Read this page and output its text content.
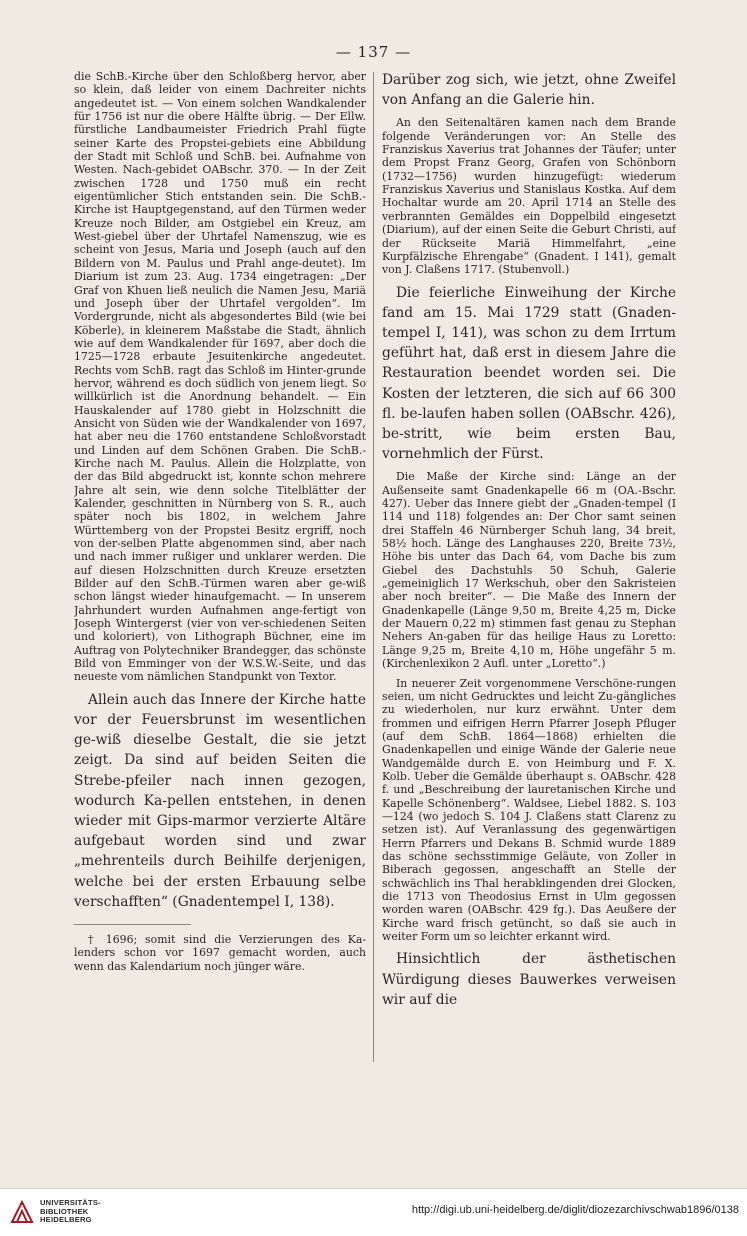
— 137 —

die SchB.-Kirche über den Schloßberg hervor, aber so klein, daß leider von einem Dachreiter nichts angedeutet ist. — Von einem solchen Wandkalender für 1756 ist nur die obere Hälfte übrig. — Der Ellw. fürstliche Landbaumeister Friedrich Prahl fügte seiner Karte des Propstei-gebiets eine Abbildung der Stadt mit Schloß und SchB. bei. Aufnahme von Westen. Nach-gebidet OABschr. 370. — In der Zeit zwischen 1728 und 1750 muß ein recht eigentümlicher Stich entstanden sein. Die SchB.-Kirche ist Hauptgegenstand, auf den Türmen weder Kreuze noch Bilder, am Ostgiebel ein Kreuz, am West-giebel über der Uhrtafel Namenszug, wie es scheint von Jesus, Maria und Joseph (auch auf den Bildern von M. Paulus und Prahl ange-deutet). Im Diarium ist zum 23. Aug. 1734 eingetragen: „Der Graf von Khuen ließ neulich die Namen Jesu, Mariä und Joseph über der Uhrtafel vergolden“. Im Vordergrunde, nicht als abgesondertes Bild (wie bei Köberle), in kleinerem Maßstabe die Stadt, ähnlich wie auf dem Wandkalender für 1697, aber doch die 1725—1728 erbaute Jesuitenkirche angedeutet. Rechts vom SchB. ragt das Schloß im Hinter-grunde hervor, während es doch südlich von jenem liegt. So willkürlich ist die Anordnung behandelt. — Ein Hauskalender auf 1780 giebt in Holzschnitt die Ansicht von Süden wie der Wandkalender von 1697, hat aber neu die 1760 entstandene Schloßvorstadt und Linden auf dem Schönen Graben. Die SchB.-Kirche nach M. Paulus. Allein die Holzplatte, von der das Bild abgedruckt ist, konnte schon mehrere Jahre alt sein, wie denn solche Titelblätter der Kalender, geschnitten in Nürnberg von S. R., auch später noch bis 1802, in welchem Jahre Württemberg von der Propstei Besitz ergriff, noch von der-selben Platte abgenommen sind, aber nach und nach immer rußiger und unklarer werden. Die auf diesen Holzschnitten durch Kreuze ersetzten Bilder auf den SchB.-Türmen waren aber ge-wiß schon längst wieder hinaufgemacht. — In unserem Jahrhundert wurden Aufnahmen ange-fertigt von Joseph Wintergerst (vier von ver-schiedenen Seiten und koloriert), von Lithograph Büchner, eine im Auftrag von Polytechniker Brandegger, das schönste Bild von Emminger von der W.S.W.-Seite, und das neueste vom nämlichen Standpunkt von Textor.

Allein auch das Innere der Kirche hatte vor der Feuersbrunst im wesentlichen ge-wiß dieselbe Gestalt, die sie jetzt zeigt. Da sind auf beiden Seiten die Strebe-pfeiler nach innen gezogen, wodurch Ka-pellen entstehen, in denen wieder mit Gips-marmor verzierte Altäre aufgebaut worden sind und zwar „mehrenteils durch Beihilfe derjenigen, welche bei der ersten Erbauung selbe verschafften“ (Gnadentempel I, 138).

† 1696; somit sind die Verzierungen des Ka-lenders schon vor 1697 gemacht worden, auch wenn das Kalendarium noch jünger wäre.

Darüber zog sich, wie jetzt, ohne Zweifel von Anfang an die Galerie hin.

An den Seitenaltären kamen nach dem Brande folgende Veränderungen vor: An Stelle des Franziskus Xaverius trat Johannes der Täufer; unter dem Propst Franz Georg, Grafen von Schönborn (1732—1756) wurden hinzugefügt: wiederum Franziskus Xaverius und Stanislaus Kostka. Auf dem Hochaltar wurde am 20. April 1714 an Stelle des verbrannten Gemäldes ein Doppelbild eingesetzt (Diarium), auf der einen Seite die Geburt Christi, auf der Rückseite Mariä Himmelfahrt, „eine Kurpfälzische Ehrengabe“ (Gnadent. I 141), gemalt von J. Claßens 1717. (Stubenvoll.)

Die feierliche Einweihung der Kirche fand am 15. Mai 1729 statt (Gnaden-tempel I, 141), was schon zu dem Irrtum geführt hat, daß erst in diesem Jahre die Restauration beendet worden sei. Die Kosten der letzteren, die sich auf 66 300 fl. be-laufen haben sollen (OABschr. 426), be-stritt, wie beim ersten Bau, vornehmlich der Fürst.

Die Maße der Kirche sind: Länge an der Außenseite samt Gnadenkapelle 66 m (OA.-Bschr. 427). Ueber das Innere giebt der „Gnaden-tempel (I 114 und 118) folgendes an: Der Chor samt seinen drei Staffeln 46 Nürnberger Schuh lang, 34 breit, 58½ hoch. Länge des Langhauses 220, Breite 73½, Höhe bis unter das Dach 64, vom Dache bis zum Giebel des Dachstuhls 50 Schuh, Galerie „gemeiniglich 17 Werkschuh, ober den Sakristeien aber noch breiter“. — Die Maße des Innern der Gnadenkapelle (Länge 9,50 m, Breite 4,25 m, Dicke der Mauern 0,22 m) stimmen fast genau zu Stephan Nehers An-gaben für das heilige Haus zu Loretto: Länge 9,25 m, Breite 4,10 m, Höhe ungefähr 5 m. (Kirchenlexikon 2 Aufl. unter „Loretto“.)

In neuerer Zeit vorgenommene Verschöne-rungen seien, um nicht Gedrucktes und leicht Zu-gängliches zu wiederholen, nur kurz erwähnt. Unter dem frommen und eifrigen Herrn Pfarrer Joseph Pfluger (auf dem SchB. 1864—1868) erhielten die Gnadenkapellen und einige Wände der Galerie neue Wandgemälde durch E. von Heimburg und F. X. Kolb. Ueber die Gemälde überhaupt s. OABschr. 428 f. und „Beschreibung der lauretanischen Kirche und Kapelle Schönenberg“. Waldsee, Liebel 1882. S. 103—124 (wo jedoch S. 104 J. Claßens statt Clarenz zu setzen ist). Auf Veranlassung des gegenwärtigen Herrn Pfarrers und Dekans B. Schmid wurde 1889 das schöne sechsstimmige Geläute, von Zoller in Biberach gegossen, angeschafft an Stelle der schwächlich ins Thal herabklingenden drei Glocken, die 1713 von Theodosius Ernst in Ulm gegossen worden waren (OABschr. 429 fg.). Das Aeußere der Kirche ward frisch getüncht, so daß sie auch in weiter Form um so leichter erkannt wird.

Hinsichtlich der ästhetischen Würdigung dieses Bauwerkes verweisen wir auf die

UNIVERSITÄTS-
BIBLIOTHEK
HEIDELBERG
http://digi.ub.uni-heidelberg.de/diglit/diozezarchivschwab1896/0138
